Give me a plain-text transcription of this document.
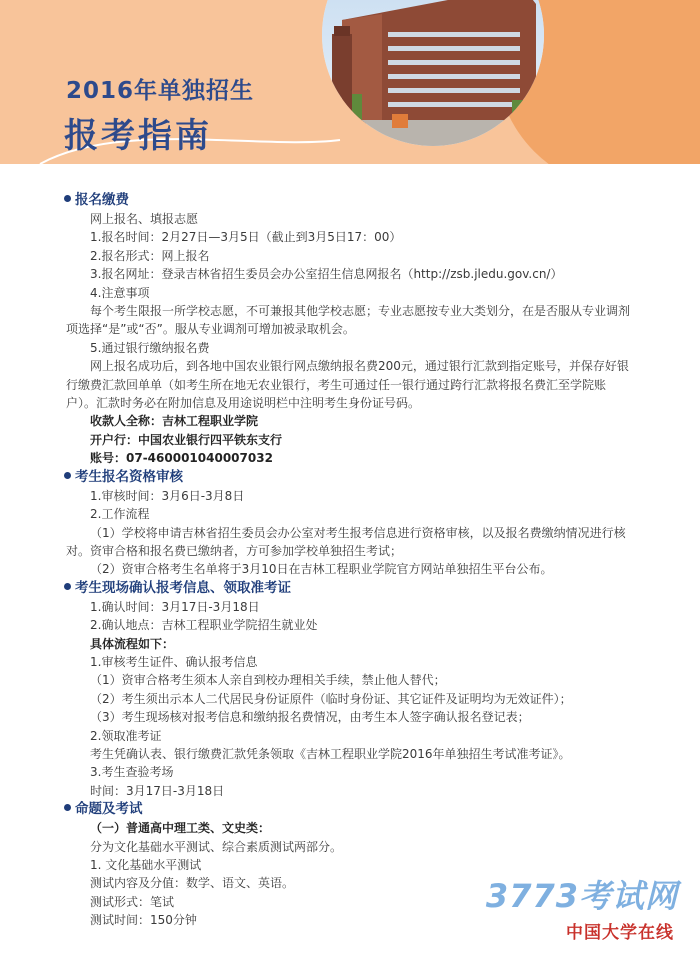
2016年单独招生
报考指南
报名缴费
网上报名、填报志愿
1.报名时间：2月27日—3月5日（截止到3月5日17：00）
2.报名形式：网上报名
3.报名网址：登录吉林省招生委员会办公室招生信息网报名（http://zsb.jledu.gov.cn/）
4.注意事项
每个考生限报一所学校志愿，不可兼报其他学校志愿；专业志愿按专业大类划分，在是否服从专业调剂
项选择“是”或“否”。服从专业调剂可增加被录取机会。
5.通过银行缴纳报名费
网上报名成功后，到各地中国农业银行网点缴纳报名费200元，通过银行汇款到指定账号，并保存好银
行缴费汇款回单单（如考生所在地无农业银行，考生可通过任一银行通过跨行汇款将报名费汇至学院账
户）。汇款时务必在附加信息及用途说明栏中注明考生身份证号码。
收款人全称：吉林工程职业学院
开户行：中国农业银行四平铁东支行
账号：07-460001040007032
考生报名资格审核
1.审核时间：3月6日-3月8日
2.工作流程
（1）学校将申请吉林省招生委员会办公室对考生报考信息进行资格审核，以及报名费缴纳情况进行核
对。资审合格和报名费已缴纳者，方可参加学校单独招生考试；
（2）资审合格考生名单将于3月10日在吉林工程职业学院官方网站单独招生平台公布。
考生现场确认报考信息、领取准考证
1.确认时间：3月17日-3月18日
2.确认地点：吉林工程职业学院招生就业处
具体流程如下：
1.审核考生证件、确认报考信息
（1）资审合格考生须本人亲自到校办理相关手续，禁止他人替代；
（2）考生须出示本人二代居民身份证原件（临时身份证、其它证件及证明均为无效证件）；
（3）考生现场核对报考信息和缴纳报名费情况，由考生本人签字确认报名登记表；
2.领取准考证
考生凭确认表、银行缴费汇款凭条领取《吉林工程职业学院2016年单独招生考试准考证》。
3.考生查验考场
时间：3月17日-3月18日
命题及考试
（一）普通高中理工类、文史类：
分为文化基础水平测试、综合素质测试两部分。
1. 文化基础水平测试
测试内容及分值：数学、语文、英语。
测试形式：笔试
测试时间：150分钟
3773考试网
中国大学在线
